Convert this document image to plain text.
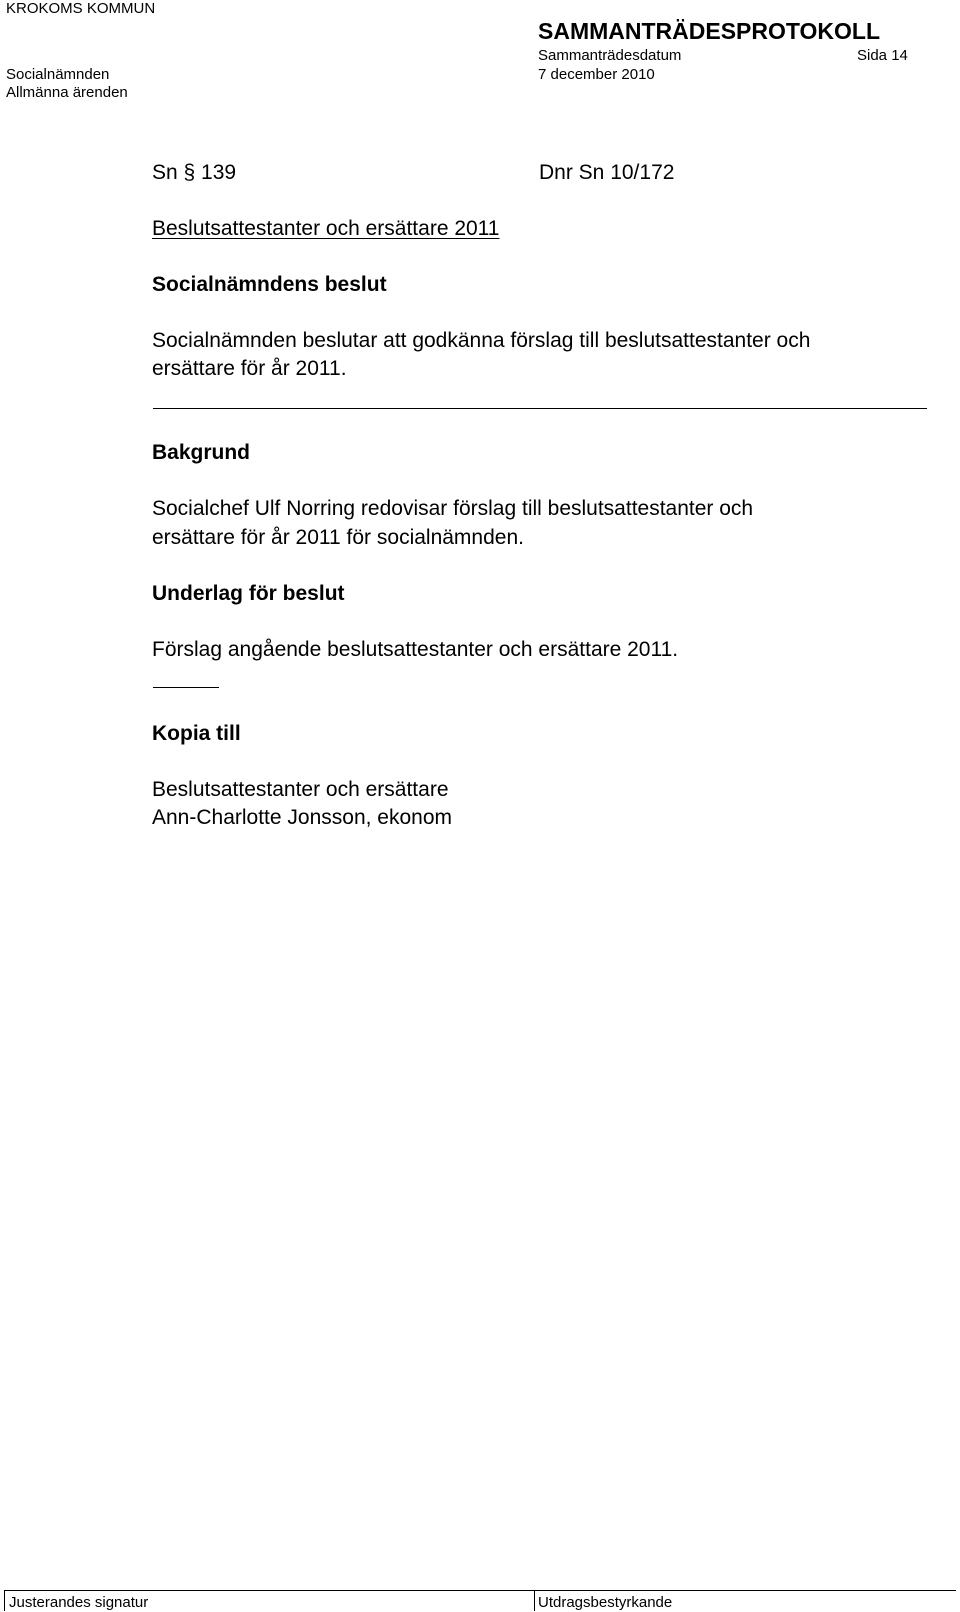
KROKOMS KOMMUN
SAMMANTRÄDESPROTOKOLL
Sammanträdesdatum	Sida 14
Socialnämnden	7 december 2010
Allmänna ärenden
Sn § 139	Dnr Sn 10/172
Beslutsattestanter och ersättare 2011
Socialnämndens beslut
Socialnämnden beslutar att godkänna förslag till beslutsattestanter och
ersättare för år 2011.
Bakgrund
Socialchef Ulf Norring redovisar förslag till beslutsattestanter och
ersättare för år 2011 för socialnämnden.
Underlag för beslut
Förslag angående beslutsattestanter och ersättare 2011.
Kopia till
Beslutsattestanter och ersättare
Ann-Charlotte Jonsson, ekonom
Justerandes signatur	Utdragsbestyrkande
